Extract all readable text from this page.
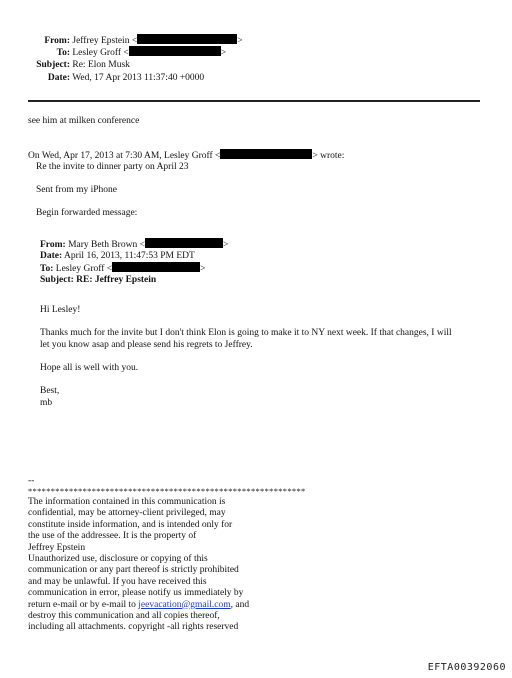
From: Jeffrey Epstein <	>
To: Lesley Groff <	>
Subject: Re: Elon Musk
Date: Wed, 17 Apr 2013 11:37:40 +0000
see him at milken conference
On Wed, Apr 17, 2013 at 7:30 AM, Lesley Groff <	> wrote:
Re the invite to dinner party on April 23
Sent from my iPhone
Begin forwarded message:
From: Mary Beth Brown <	>
Date: April 16, 2013, 11:47:53 PM EDT
To: Lesley Groff <	>
Subject: RE: Jeffrey Epstein
Hi Lesley!
Thanks much for the invite but I don't think Elon is going to make it to NY next week. If that changes, I will
let you know asap and please send his regrets to Jeffrey.
Hope all is well with you.
Best,
mb
--
*************************************************************
The information contained in this communication is
confidential, may be attorney-client privileged, may
constitute inside information, and is intended only for
the use of the addressee. It is the property of
Jeffrey Epstein
Unauthorized use, disclosure or copying of this
communication or any part thereof is strictly prohibited
and may be unlawful. If you have received this
communication in error, please notify us immediately by
return e-mail or by e-mail to jeevacation@gmail.com, and
destroy this communication and all copies thereof,
including all attachments. copyright -all rights reserved
EFTA00392060
